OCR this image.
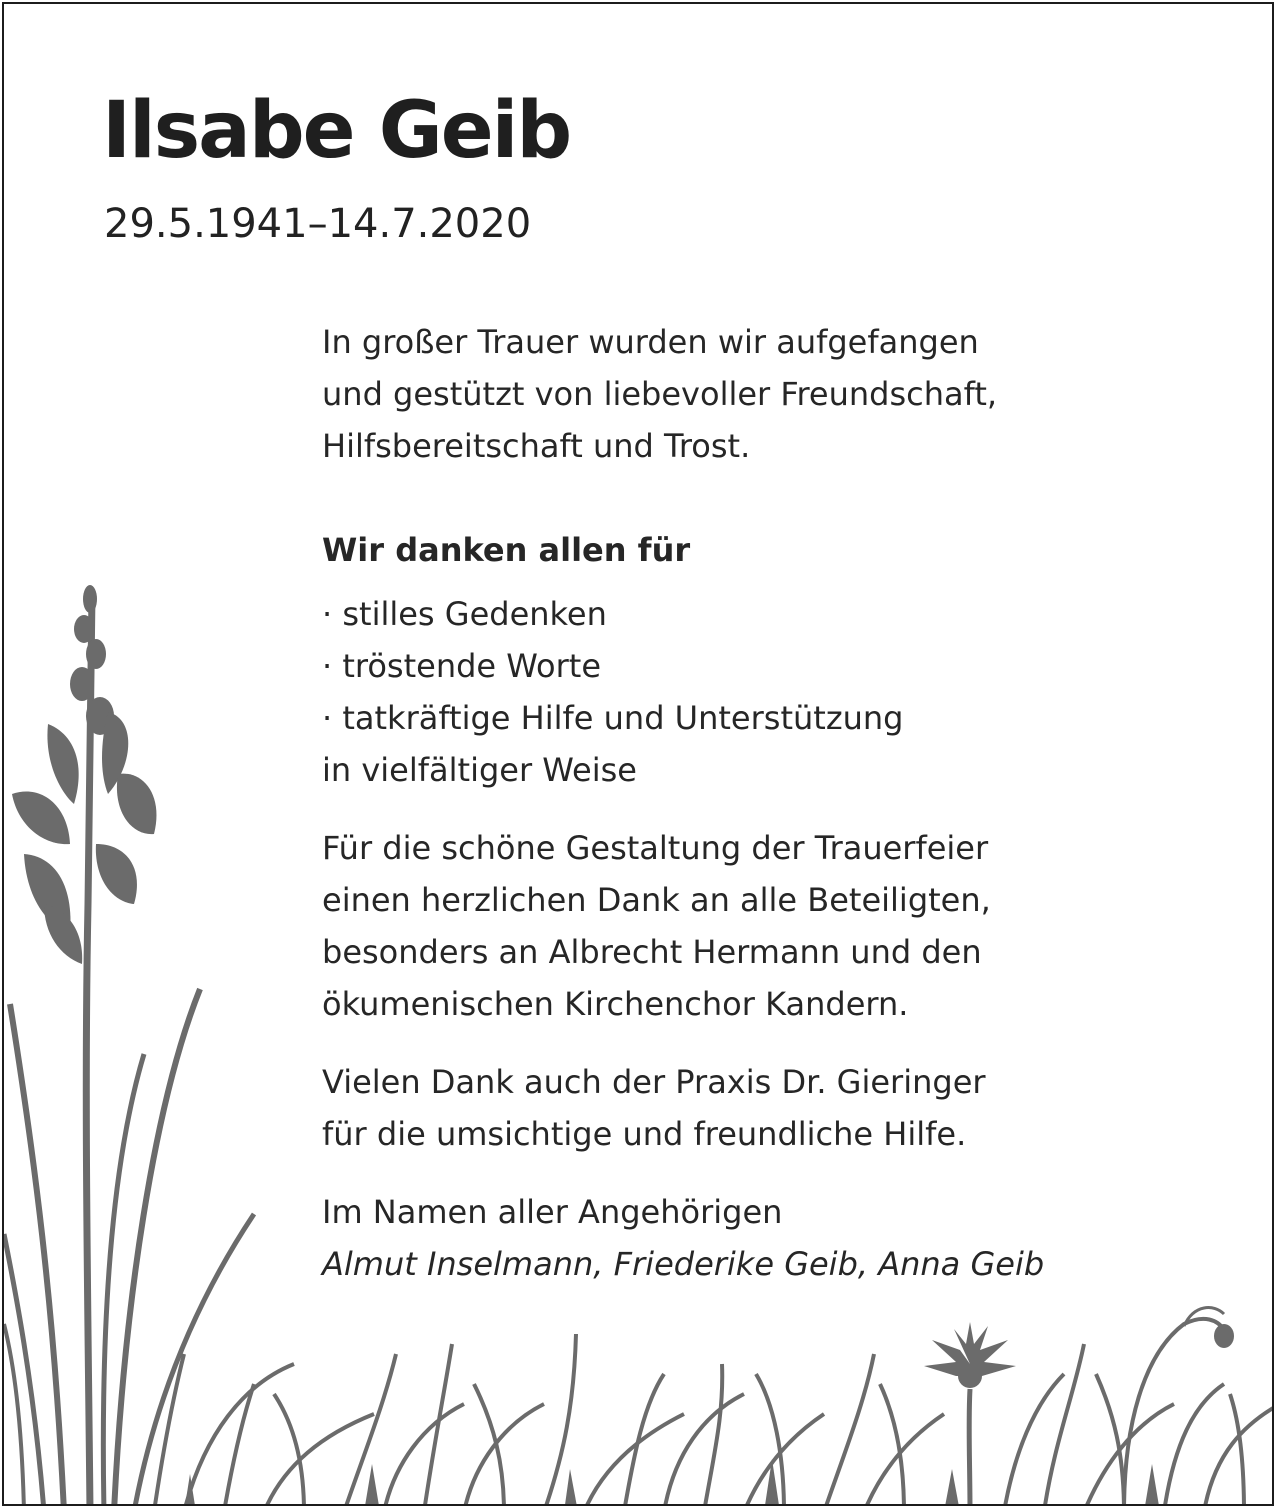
Ilsabe Geib
29.5.1941–14.7.2020

In großer Trauer wurden wir aufgefangen
und gestützt von liebevoller Freundschaft,
Hilfsbereitschaft und Trost.

Wir danken allen für

· stilles Gedenken
· tröstende Worte
· tatkräftige Hilfe und Unterstützung
in vielfältiger Weise

Für die schöne Gestaltung der Trauerfeier
einen herzlichen Dank an alle Beteiligten,
besonders an Albrecht Hermann und den
ökumenischen Kirchenchor Kandern.

Vielen Dank auch der Praxis Dr. Gieringer
für die umsichtige und freundliche Hilfe.

Im Namen aller Angehörigen

Almut Inselmann, Friederike Geib, Anna Geib
